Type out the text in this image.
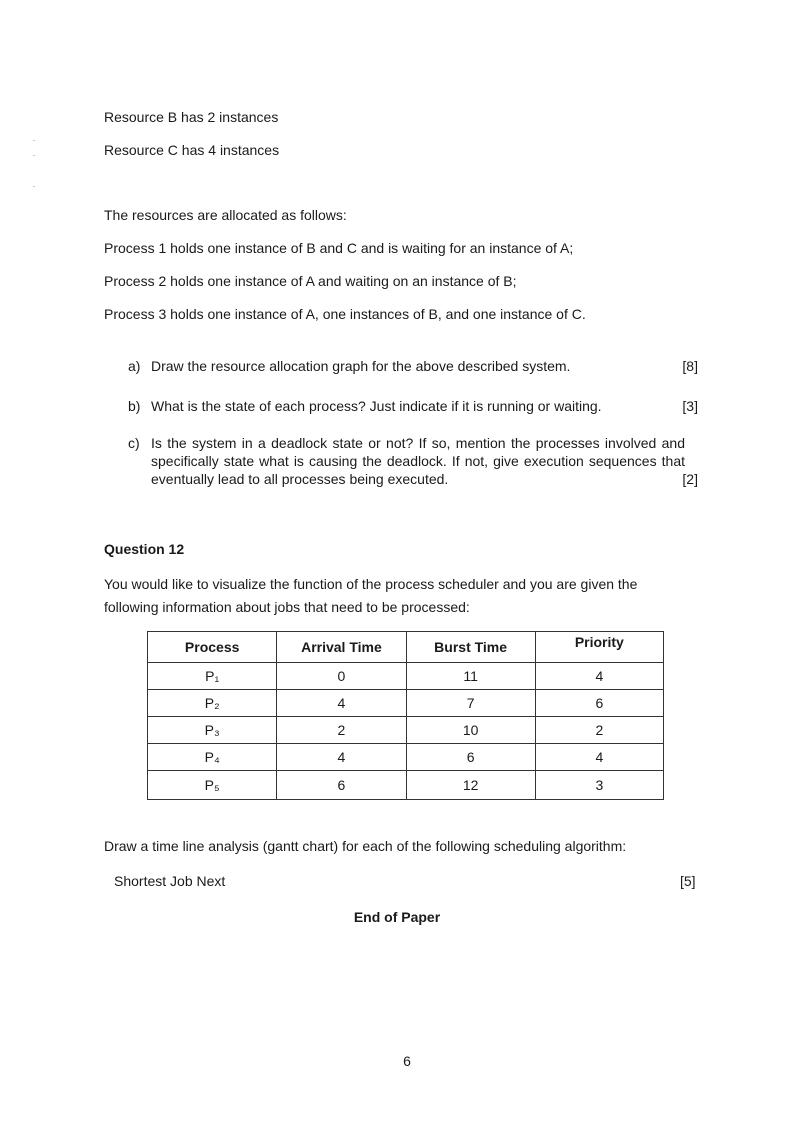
Resource B has 2 instances
Resource C has 4 instances
The resources are allocated as follows:
Process 1 holds one instance of B and C and is waiting for an instance of A;
Process 2 holds one instance of A and waiting on an instance of B;
Process 3 holds one instance of A, one instances of B, and one instance of C.
a) Draw the resource allocation graph for the above described system.	[8]
b) What is the state of each process? Just indicate if it is running or waiting.	[3]
c) Is the system in a deadlock state or not? If so, mention the processes involved and specifically state what is causing the deadlock. If not, give execution sequences that eventually lead to all processes being executed.	[2]
Question 12
You would like to visualize the function of the process scheduler and you are given the
following information about jobs that need to be processed:
Process	Arrival Time	Burst Time	Priority
P₁	0	11	4
P₂	4	7	6
P₃	2	10	2
P₄	4	6	4
P₅	6	12	3
Draw a time line analysis (gantt chart) for each of the following scheduling algorithm:
Shortest Job Next	[5]
End of Paper
6
